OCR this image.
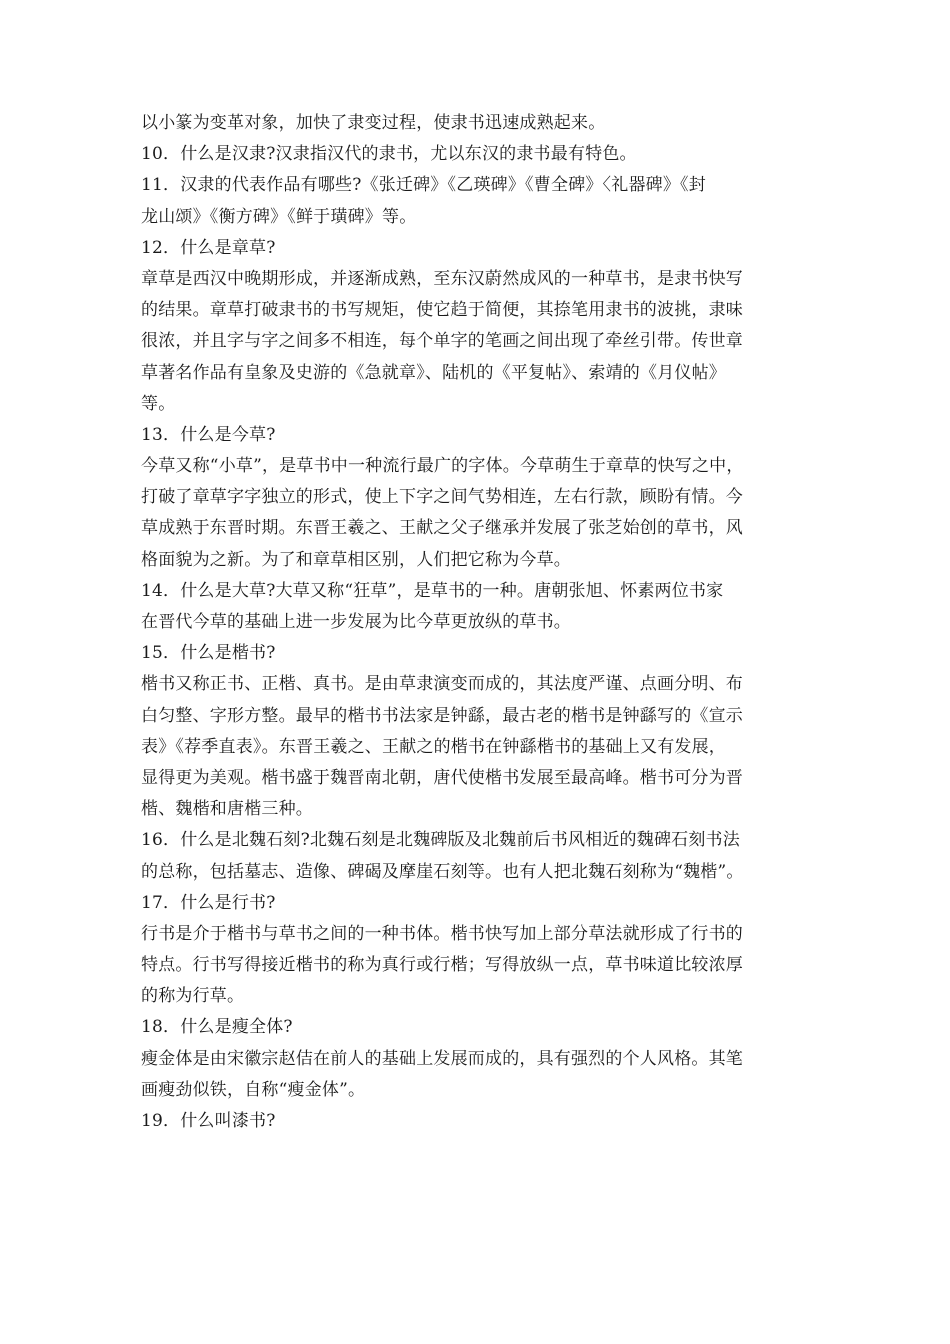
以小篆为变革对象，加快了隶变过程，使隶书迅速成熟起来。
10．什么是汉隶?汉隶指汉代的隶书，尤以东汉的隶书最有特色。
11．汉隶的代表作品有哪些?《张迁碑》《乙瑛碑》《曹全碑》〈礼器碑》《封
龙山颂》《衡方碑》《鲜于璜碑》等。
12．什么是章草?
章草是西汉中晚期形成，并逐渐成熟，至东汉蔚然成风的一种草书，是隶书快写
的结果。章草打破隶书的书写规矩，使它趋于简便，其捺笔用隶书的波挑，隶味
很浓，并且字与字之间多不相连，每个单字的笔画之间出现了牵丝引带。传世章
草著名作品有皇象及史游的《急就章》、陆机的《平复帖》、索靖的《月仪帖》
等。
13．什么是今草?
今草又称“小草”，是草书中一种流行最广的字体。今草萌生于章草的快写之中，
打破了章草字字独立的形式，使上下字之间气势相连，左右行款，顾盼有情。今
草成熟于东晋时期。东晋王羲之、王献之父子继承并发展了张芝始创的草书，风
格面貌为之新。为了和章草相区别，人们把它称为今草。
14．什么是大草?大草又称“狂草”，是草书的一种。唐朝张旭、怀素两位书家
在晋代今草的基础上进一步发展为比今草更放纵的草书。
15．什么是楷书?
楷书又称正书、正楷、真书。是由草隶演变而成的，其法度严谨、点画分明、布
白匀整、字形方整。最早的楷书书法家是钟繇，最古老的楷书是钟繇写的《宣示
表》《荐季直表》。东晋王羲之、王献之的楷书在钟繇楷书的基础上又有发展，
显得更为美观。楷书盛于魏晋南北朝，唐代使楷书发展至最高峰。楷书可分为晋
楷、魏楷和唐楷三种。
16．什么是北魏石刻?北魏石刻是北魏碑版及北魏前后书风相近的魏碑石刻书法
的总称，包括墓志、造像、碑碣及摩崖石刻等。也有人把北魏石刻称为“魏楷”。
17．什么是行书?
行书是介于楷书与草书之间的一种书体。楷书快写加上部分草法就形成了行书的
特点。行书写得接近楷书的称为真行或行楷；写得放纵一点，草书味道比较浓厚
的称为行草。
18．什么是瘦全体?
瘦金体是由宋徽宗赵佶在前人的基础上发展而成的，具有强烈的个人风格。其笔
画瘦劲似铁，自称“瘦金体”。
19．什么叫漆书?
